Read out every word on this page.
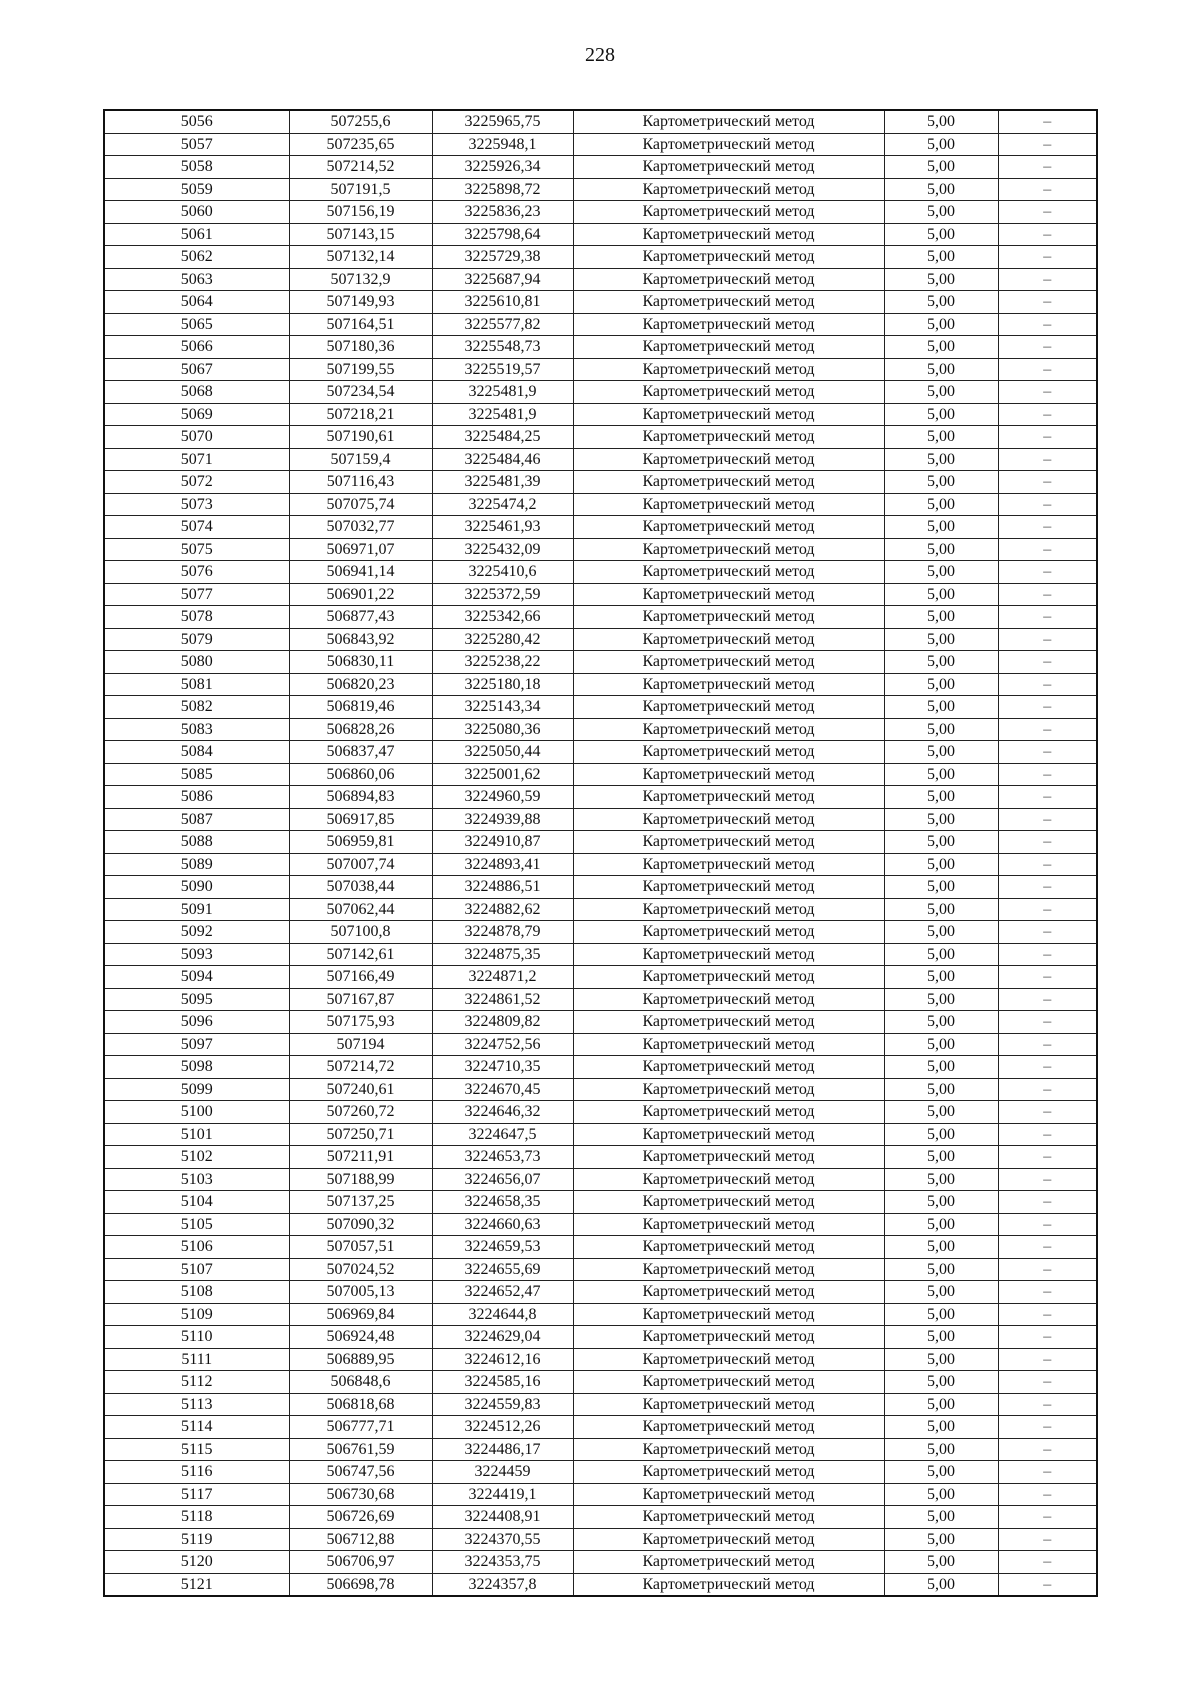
228
5056	507255,6	3225965,75	Картометрический метод	5,00	–
5057	507235,65	3225948,1	Картометрический метод	5,00	–
5058	507214,52	3225926,34	Картометрический метод	5,00	–
5059	507191,5	3225898,72	Картометрический метод	5,00	–
5060	507156,19	3225836,23	Картометрический метод	5,00	–
5061	507143,15	3225798,64	Картометрический метод	5,00	–
5062	507132,14	3225729,38	Картометрический метод	5,00	–
5063	507132,9	3225687,94	Картометрический метод	5,00	–
5064	507149,93	3225610,81	Картометрический метод	5,00	–
5065	507164,51	3225577,82	Картометрический метод	5,00	–
5066	507180,36	3225548,73	Картометрический метод	5,00	–
5067	507199,55	3225519,57	Картометрический метод	5,00	–
5068	507234,54	3225481,9	Картометрический метод	5,00	–
5069	507218,21	3225481,9	Картометрический метод	5,00	–
5070	507190,61	3225484,25	Картометрический метод	5,00	–
5071	507159,4	3225484,46	Картометрический метод	5,00	–
5072	507116,43	3225481,39	Картометрический метод	5,00	–
5073	507075,74	3225474,2	Картометрический метод	5,00	–
5074	507032,77	3225461,93	Картометрический метод	5,00	–
5075	506971,07	3225432,09	Картометрический метод	5,00	–
5076	506941,14	3225410,6	Картометрический метод	5,00	–
5077	506901,22	3225372,59	Картометрический метод	5,00	–
5078	506877,43	3225342,66	Картометрический метод	5,00	–
5079	506843,92	3225280,42	Картометрический метод	5,00	–
5080	506830,11	3225238,22	Картометрический метод	5,00	–
5081	506820,23	3225180,18	Картометрический метод	5,00	–
5082	506819,46	3225143,34	Картометрический метод	5,00	–
5083	506828,26	3225080,36	Картометрический метод	5,00	–
5084	506837,47	3225050,44	Картометрический метод	5,00	–
5085	506860,06	3225001,62	Картометрический метод	5,00	–
5086	506894,83	3224960,59	Картометрический метод	5,00	–
5087	506917,85	3224939,88	Картометрический метод	5,00	–
5088	506959,81	3224910,87	Картометрический метод	5,00	–
5089	507007,74	3224893,41	Картометрический метод	5,00	–
5090	507038,44	3224886,51	Картометрический метод	5,00	–
5091	507062,44	3224882,62	Картометрический метод	5,00	–
5092	507100,8	3224878,79	Картометрический метод	5,00	–
5093	507142,61	3224875,35	Картометрический метод	5,00	–
5094	507166,49	3224871,2	Картометрический метод	5,00	–
5095	507167,87	3224861,52	Картометрический метод	5,00	–
5096	507175,93	3224809,82	Картометрический метод	5,00	–
5097	507194	3224752,56	Картометрический метод	5,00	–
5098	507214,72	3224710,35	Картометрический метод	5,00	–
5099	507240,61	3224670,45	Картометрический метод	5,00	–
5100	507260,72	3224646,32	Картометрический метод	5,00	–
5101	507250,71	3224647,5	Картометрический метод	5,00	–
5102	507211,91	3224653,73	Картометрический метод	5,00	–
5103	507188,99	3224656,07	Картометрический метод	5,00	–
5104	507137,25	3224658,35	Картометрический метод	5,00	–
5105	507090,32	3224660,63	Картометрический метод	5,00	–
5106	507057,51	3224659,53	Картометрический метод	5,00	–
5107	507024,52	3224655,69	Картометрический метод	5,00	–
5108	507005,13	3224652,47	Картометрический метод	5,00	–
5109	506969,84	3224644,8	Картометрический метод	5,00	–
5110	506924,48	3224629,04	Картометрический метод	5,00	–
5111	506889,95	3224612,16	Картометрический метод	5,00	–
5112	506848,6	3224585,16	Картометрический метод	5,00	–
5113	506818,68	3224559,83	Картометрический метод	5,00	–
5114	506777,71	3224512,26	Картометрический метод	5,00	–
5115	506761,59	3224486,17	Картометрический метод	5,00	–
5116	506747,56	3224459	Картометрический метод	5,00	–
5117	506730,68	3224419,1	Картометрический метод	5,00	–
5118	506726,69	3224408,91	Картометрический метод	5,00	–
5119	506712,88	3224370,55	Картометрический метод	5,00	–
5120	506706,97	3224353,75	Картометрический метод	5,00	–
5121	506698,78	3224357,8	Картометрический метод	5,00	–
